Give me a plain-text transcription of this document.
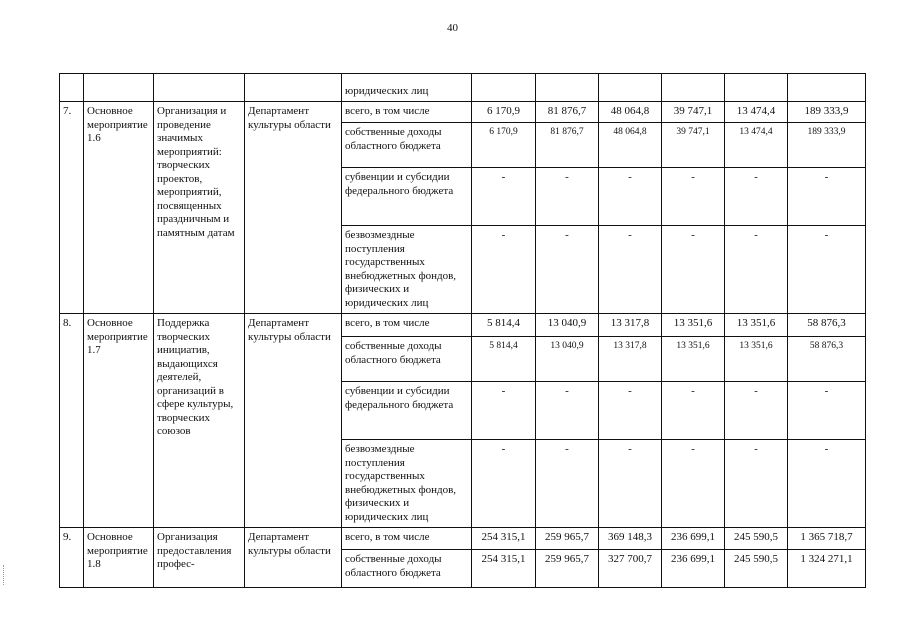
40
				юридических лиц						
7.	Основное мероприятие 1.6	Организация и проведение значимых мероприятий: творческих проектов, мероприятий, посвященных праздничным и памятным датам	Департамент культуры области	всего, в том числе	6 170,9	81 876,7	48 064,8	39 747,1	13 474,4	189 333,9
				собственные доходы областного бюджета	6 170,9	81 876,7	48 064,8	39 747,1	13 474,4	189 333,9
				субвенции и субсидии федерального бюджета	-	-	-	-	-	-
				безвозмездные поступления государственных внебюджетных фондов, физических и юридических лиц	-	-	-	-	-	-
8.	Основное мероприятие 1.7	Поддержка творческих инициатив, выдающихся деятелей, организаций в сфере культуры, творческих союзов	Департамент культуры области	всего, в том числе	5 814,4	13 040,9	13 317,8	13 351,6	13 351,6	58 876,3
				собственные доходы областного бюджета	5 814,4	13 040,9	13 317,8	13 351,6	13 351,6	58 876,3
				субвенции и субсидии федерального бюджета	-	-	-	-	-	-
				безвозмездные поступления государственных внебюджетных фондов, физических и юридических лиц	-	-	-	-	-	-
9.	Основное мероприятие 1.8	Организация предоставления профес-	Департамент культуры области	всего, в том числе	254 315,1	259 965,7	369 148,3	236 699,1	245 590,5	1 365 718,7
				собственные доходы областного бюджета	254 315,1	259 965,7	327 700,7	236 699,1	245 590,5	1 324 271,1
